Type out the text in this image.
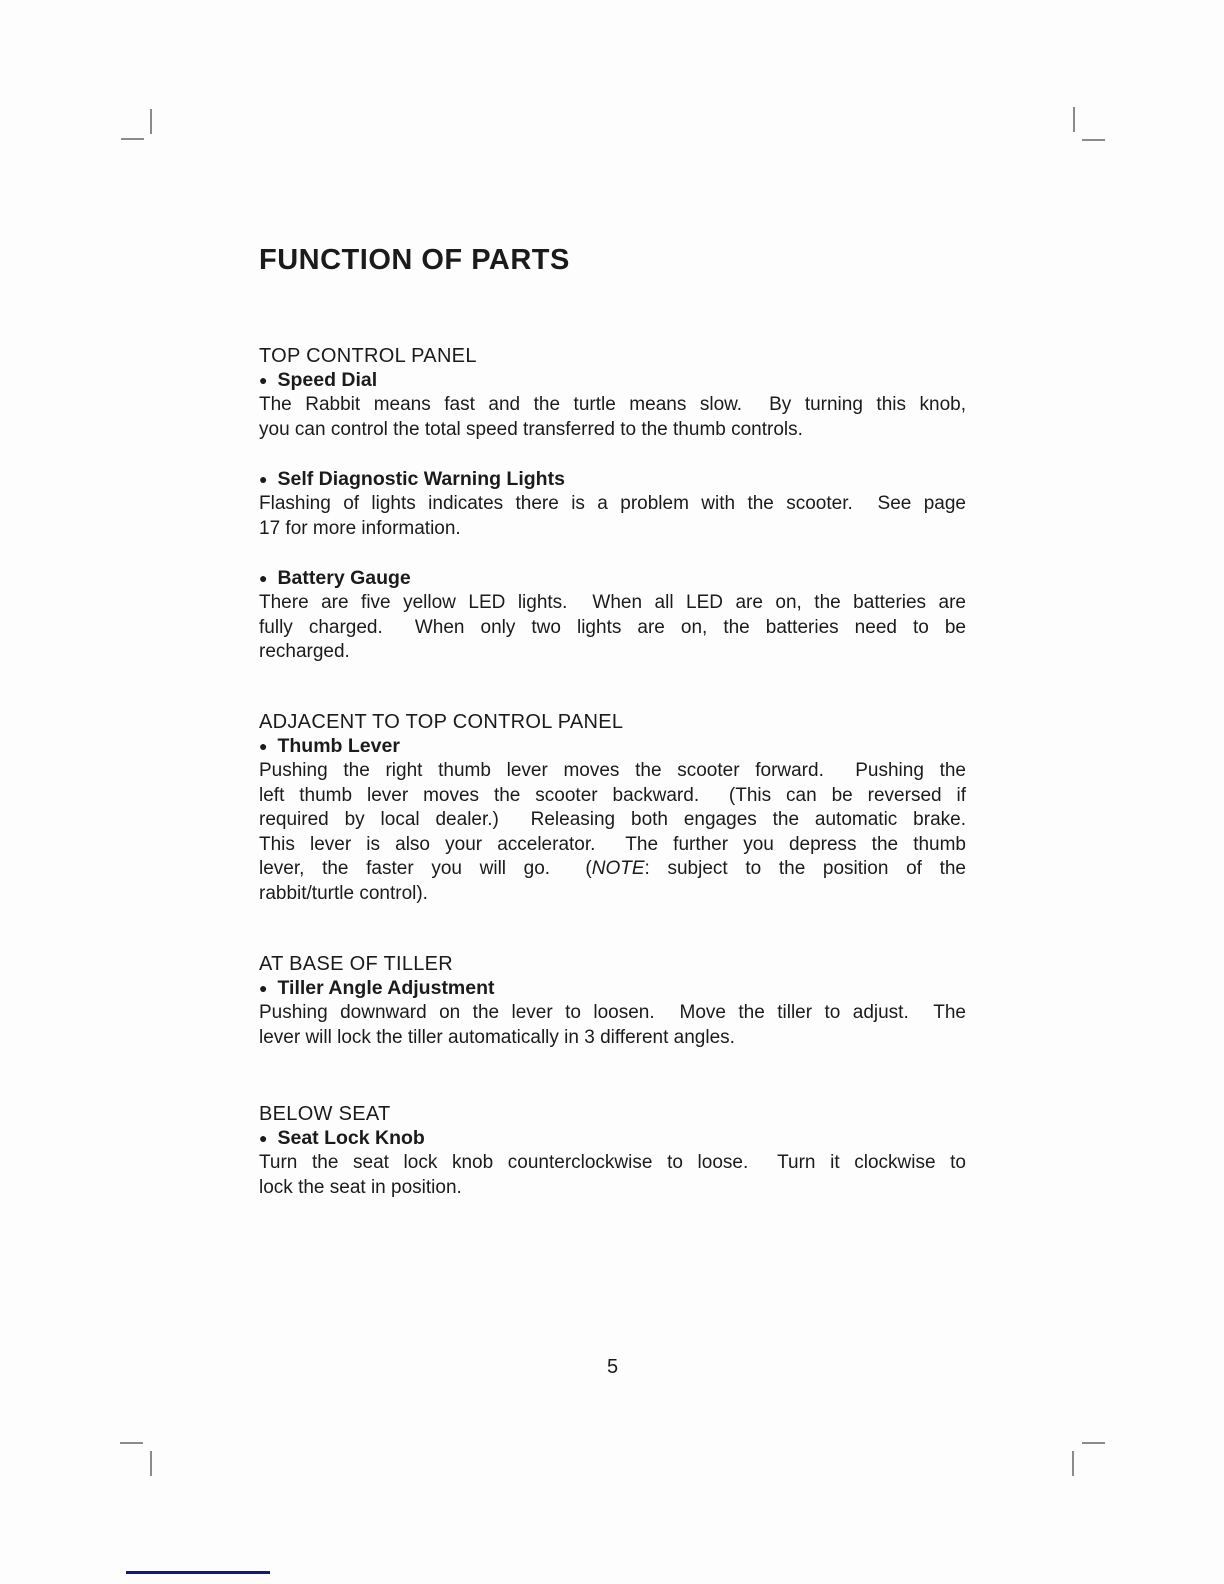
FUNCTION OF PARTS
TOP CONTROL PANEL
● Speed Dial
The Rabbit means fast and the turtle means slow.  By turning this knob,
you can control the total speed transferred to the thumb controls.
● Self Diagnostic Warning Lights
Flashing of lights indicates there is a problem with the scooter.  See page
17 for more information.
● Battery Gauge
There are five yellow LED lights.  When all LED are on, the batteries are
fully charged.  When only two lights are on, the batteries need to be
recharged.
ADJACENT TO TOP CONTROL PANEL
● Thumb Lever
Pushing the right thumb lever moves the scooter forward.  Pushing the
left thumb lever moves the scooter backward.  (This can be reversed if
required by local dealer.)  Releasing both engages the automatic brake.
This lever is also your accelerator.  The further you depress the thumb
lever, the faster you will go.  (NOTE: subject to the position of the
rabbit/turtle control).
AT BASE OF TILLER
● Tiller Angle Adjustment
Pushing downward on the lever to loosen.  Move the tiller to adjust.  The
lever will lock the tiller automatically in 3 different angles.
BELOW SEAT
● Seat Lock Knob
Turn the seat lock knob counterclockwise to loose.  Turn it clockwise to
lock the seat in position.
5
